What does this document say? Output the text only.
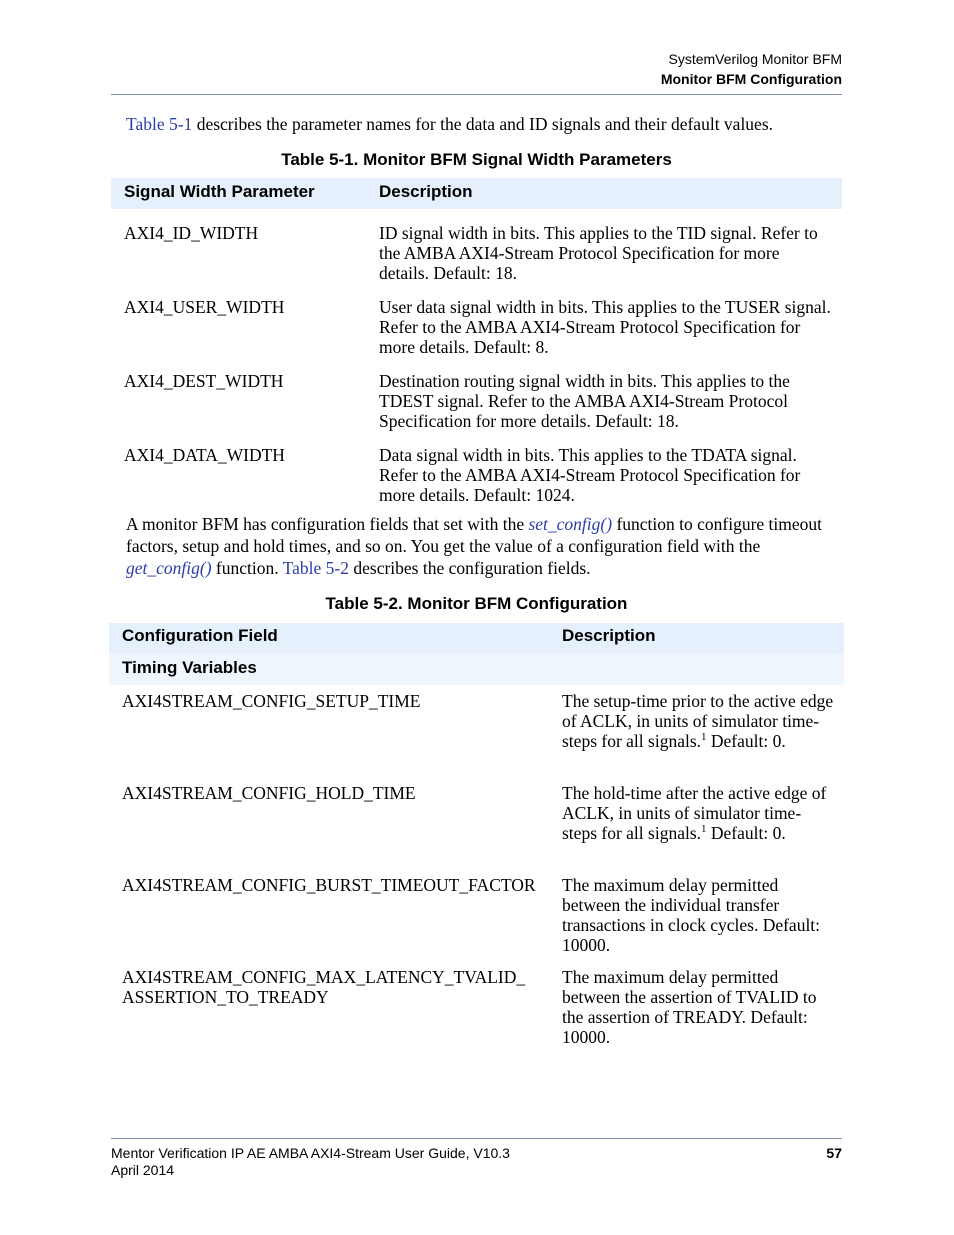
SystemVerilog Monitor BFM
Monitor BFM Configuration
Table 5-1 describes the parameter names for the data and ID signals and their default values.
Table 5-1. Monitor BFM Signal Width Parameters
Signal Width Parameter	Description
AXI4_ID_WIDTH	ID signal width in bits. This applies to the TID signal. Refer to the AMBA AXI4-Stream Protocol Specification for more details. Default: 18.
AXI4_USER_WIDTH	User data signal width in bits. This applies to the TUSER signal. Refer to the AMBA AXI4-Stream Protocol Specification for more details. Default: 8.
AXI4_DEST_WIDTH	Destination routing signal width in bits. This applies to the TDEST signal. Refer to the AMBA AXI4-Stream Protocol Specification for more details. Default: 18.
AXI4_DATA_WIDTH	Data signal width in bits. This applies to the TDATA signal. Refer to the AMBA AXI4-Stream Protocol Specification for more details. Default: 1024.
A monitor BFM has configuration fields that set with the set_config() function to configure timeout factors, setup and hold times, and so on. You get the value of a configuration field with the get_config() function. Table 5-2 describes the configuration fields.
Table 5-2. Monitor BFM Configuration
Configuration Field	Description
Timing Variables	
AXI4STREAM_CONFIG_SETUP_TIME	The setup-time prior to the active edge of ACLK, in units of simulator time-steps for all signals.$^1$ Default: 0.
AXI4STREAM_CONFIG_HOLD_TIME	The hold-time after the active edge of ACLK, in units of simulator time-steps for all signals.$^1$ Default: 0.
AXI4STREAM_CONFIG_BURST_TIMEOUT_FACTOR	The maximum delay permitted between the individual transfer transactions in clock cycles. Default: 10000.
AXI4STREAM_CONFIG_MAX_LATENCY_TVALID_ ASSERTION_TO_TREADY	The maximum delay permitted between the assertion of TVALID to the assertion of TREADY. Default: 10000.
Mentor Verification IP AE AMBA AXI4-Stream User Guide, V10.3
April 2014
57
